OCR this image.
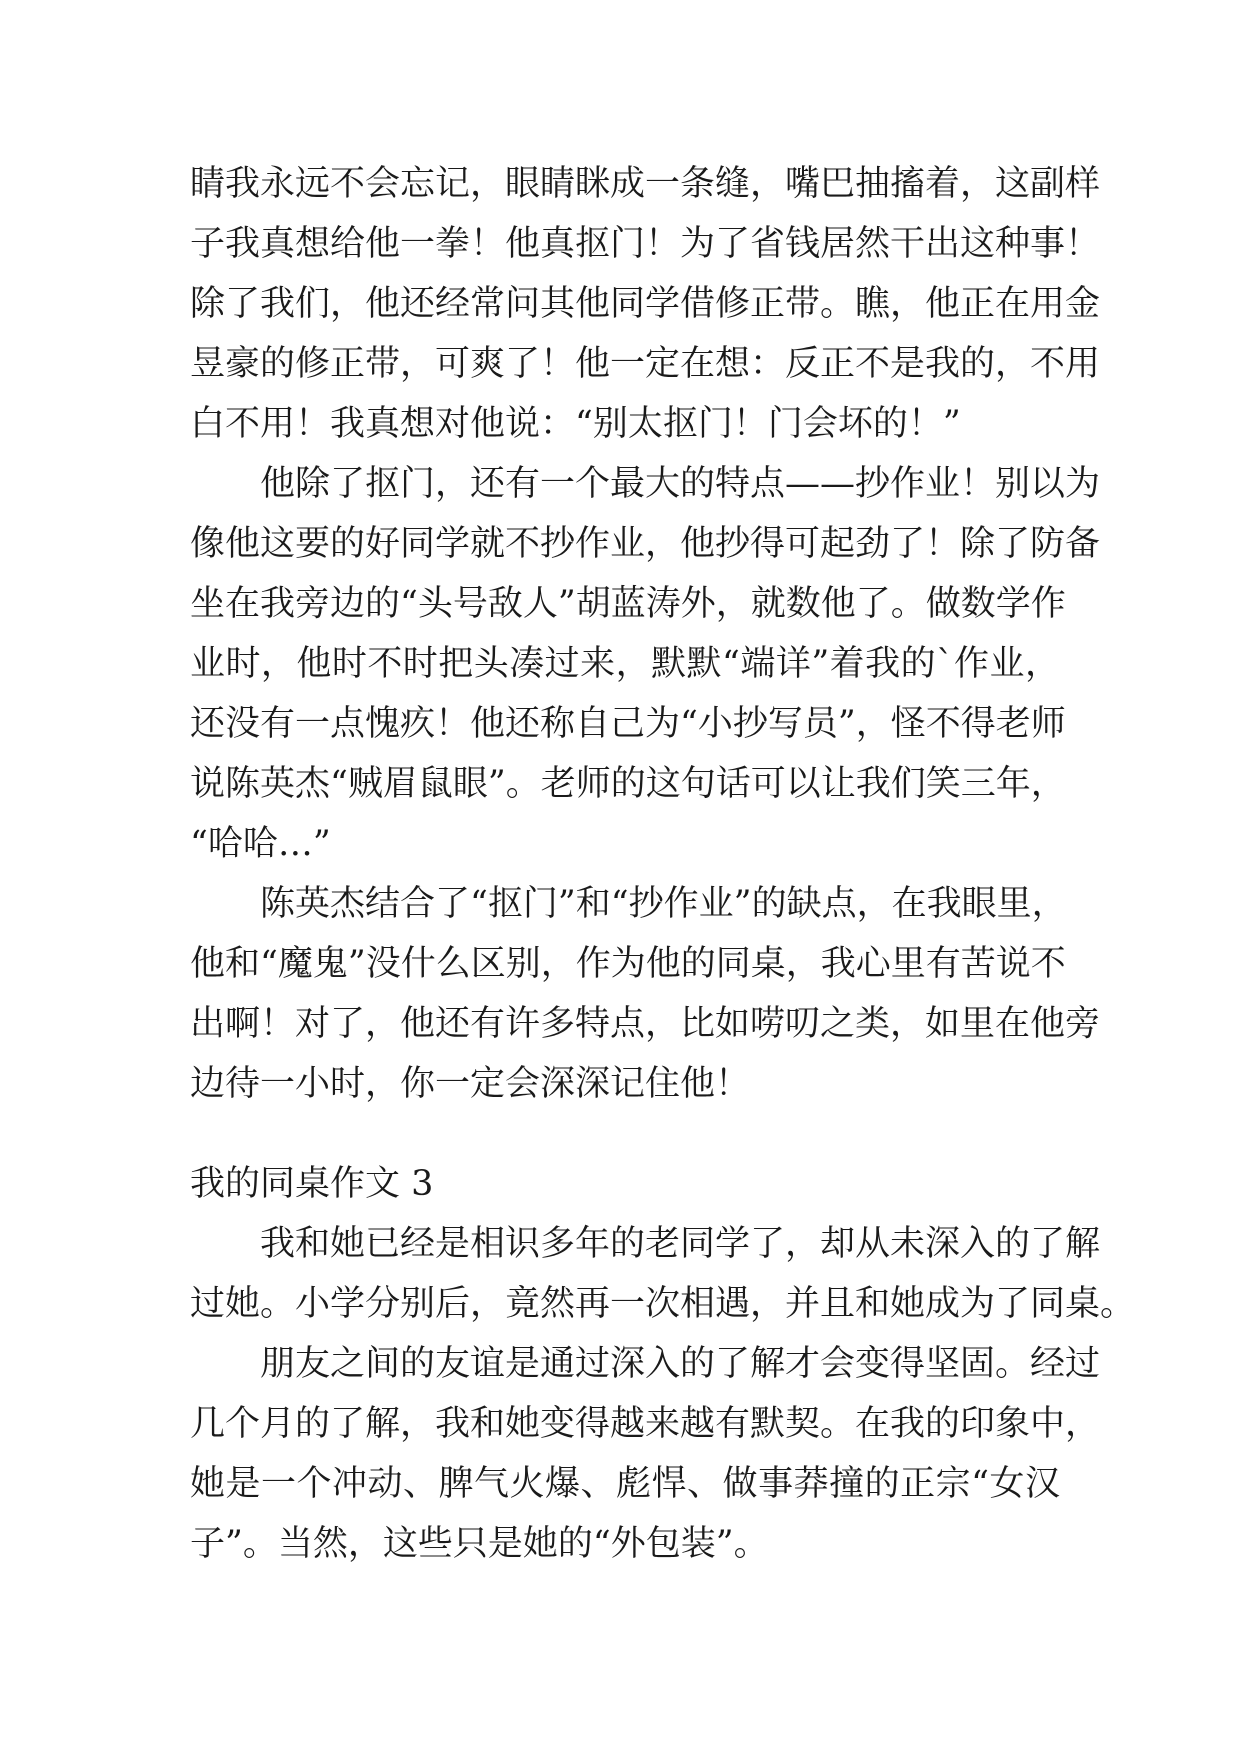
睛我永远不会忘记，眼睛眯成一条缝，嘴巴抽搐着，这副样
子我真想给他一拳！他真抠门！为了省钱居然干出这种事！
除了我们，他还经常问其他同学借修正带。瞧，他正在用金
昱豪的修正带，可爽了！他一定在想：反正不是我的，不用
白不用！我真想对他说：“别太抠门！门会坏的！”
他除了抠门，还有一个最大的特点——抄作业！别以为
像他这要的好同学就不抄作业，他抄得可起劲了！除了防备
坐在我旁边的“头号敌人”胡蓝涛外，就数他了。做数学作
业时，他时不时把头凑过来，默默“端详”着我的`作业，
还没有一点愧疚！他还称自己为“小抄写员”，怪不得老师
说陈英杰“贼眉鼠眼”。老师的这句话可以让我们笑三年，
“哈哈…”
陈英杰结合了“抠门”和“抄作业”的缺点，在我眼里，
他和“魔鬼”没什么区别，作为他的同桌，我心里有苦说不
出啊！对了，他还有许多特点，比如唠叨之类，如里在他旁
边待一小时，你一定会深深记住他！
我的同桌作文 3
我和她已经是相识多年的老同学了，却从未深入的了解
过她。小学分别后，竟然再一次相遇，并且和她成为了同桌。
朋友之间的友谊是通过深入的了解才会变得坚固。经过
几个月的了解，我和她变得越来越有默契。在我的印象中，
她是一个冲动、脾气火爆、彪悍、做事莽撞的正宗“女汉
子”。当然，这些只是她的“外包装”。
